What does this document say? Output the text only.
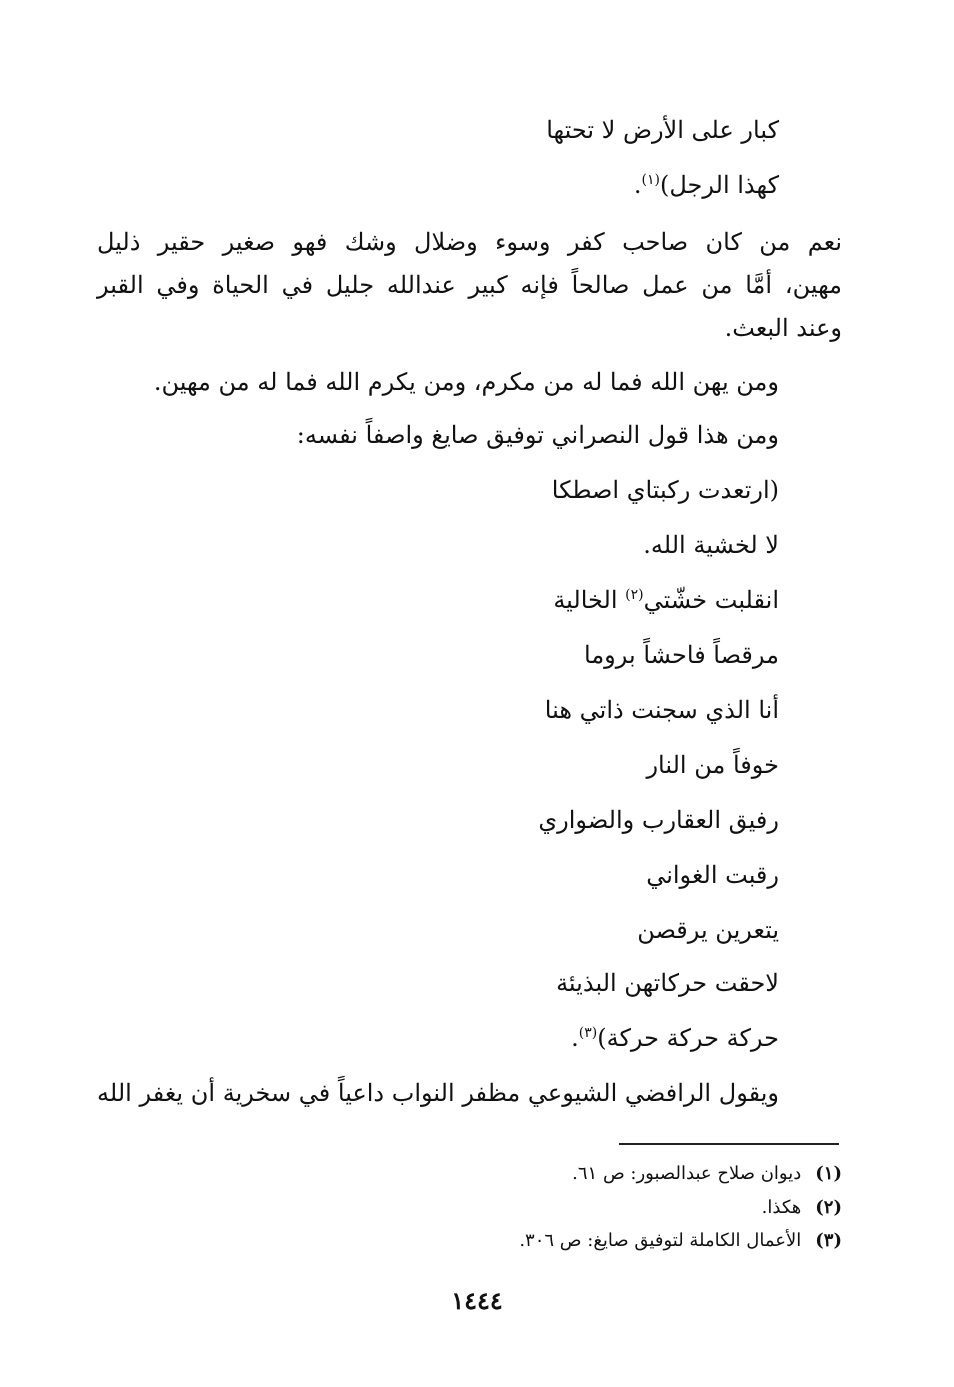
كبار على الأرض لا تحتها
كهذا الرجل)$^{(١)}$.
نعم من كان صاحب كفر وسوء وضلال وشك فهو صغير حقير ذليل
مهين، أمَّا من عمل صالحاً فإنه كبير عندالله جليل في الحياة وفي القبر
وعند البعث.
ومن يهن الله فما له من مكرم، ومن يكرم الله فما له من مهين.
ومن هذا قول النصراني توفيق صايغ واصفاً نفسه:
(ارتعدت ركبتاي اصطكا
لا لخشية الله.
انقلبت خشّتي$^{(٢)}$ الخالية
مرقصاً فاحشاً بروما
أنا الذي سجنت ذاتي هنا
خوفاً من النار
رفيق العقارب والضواري
رقبت الغواني
يتعرين يرقصن
لاحقت حركاتهن البذيئة
حركة حركة حركة)$^{(٣)}$.
ويقول الرافضي الشيوعي مظفر النواب داعياً في سخرية أن يغفر الله
(١)ديوان صلاح عبدالصبور: ص ٦١.
(٢)هكذا.
(٣)الأعمال الكاملة لتوفيق صايغ: ص ٣٠٦.
١٤٤٤
